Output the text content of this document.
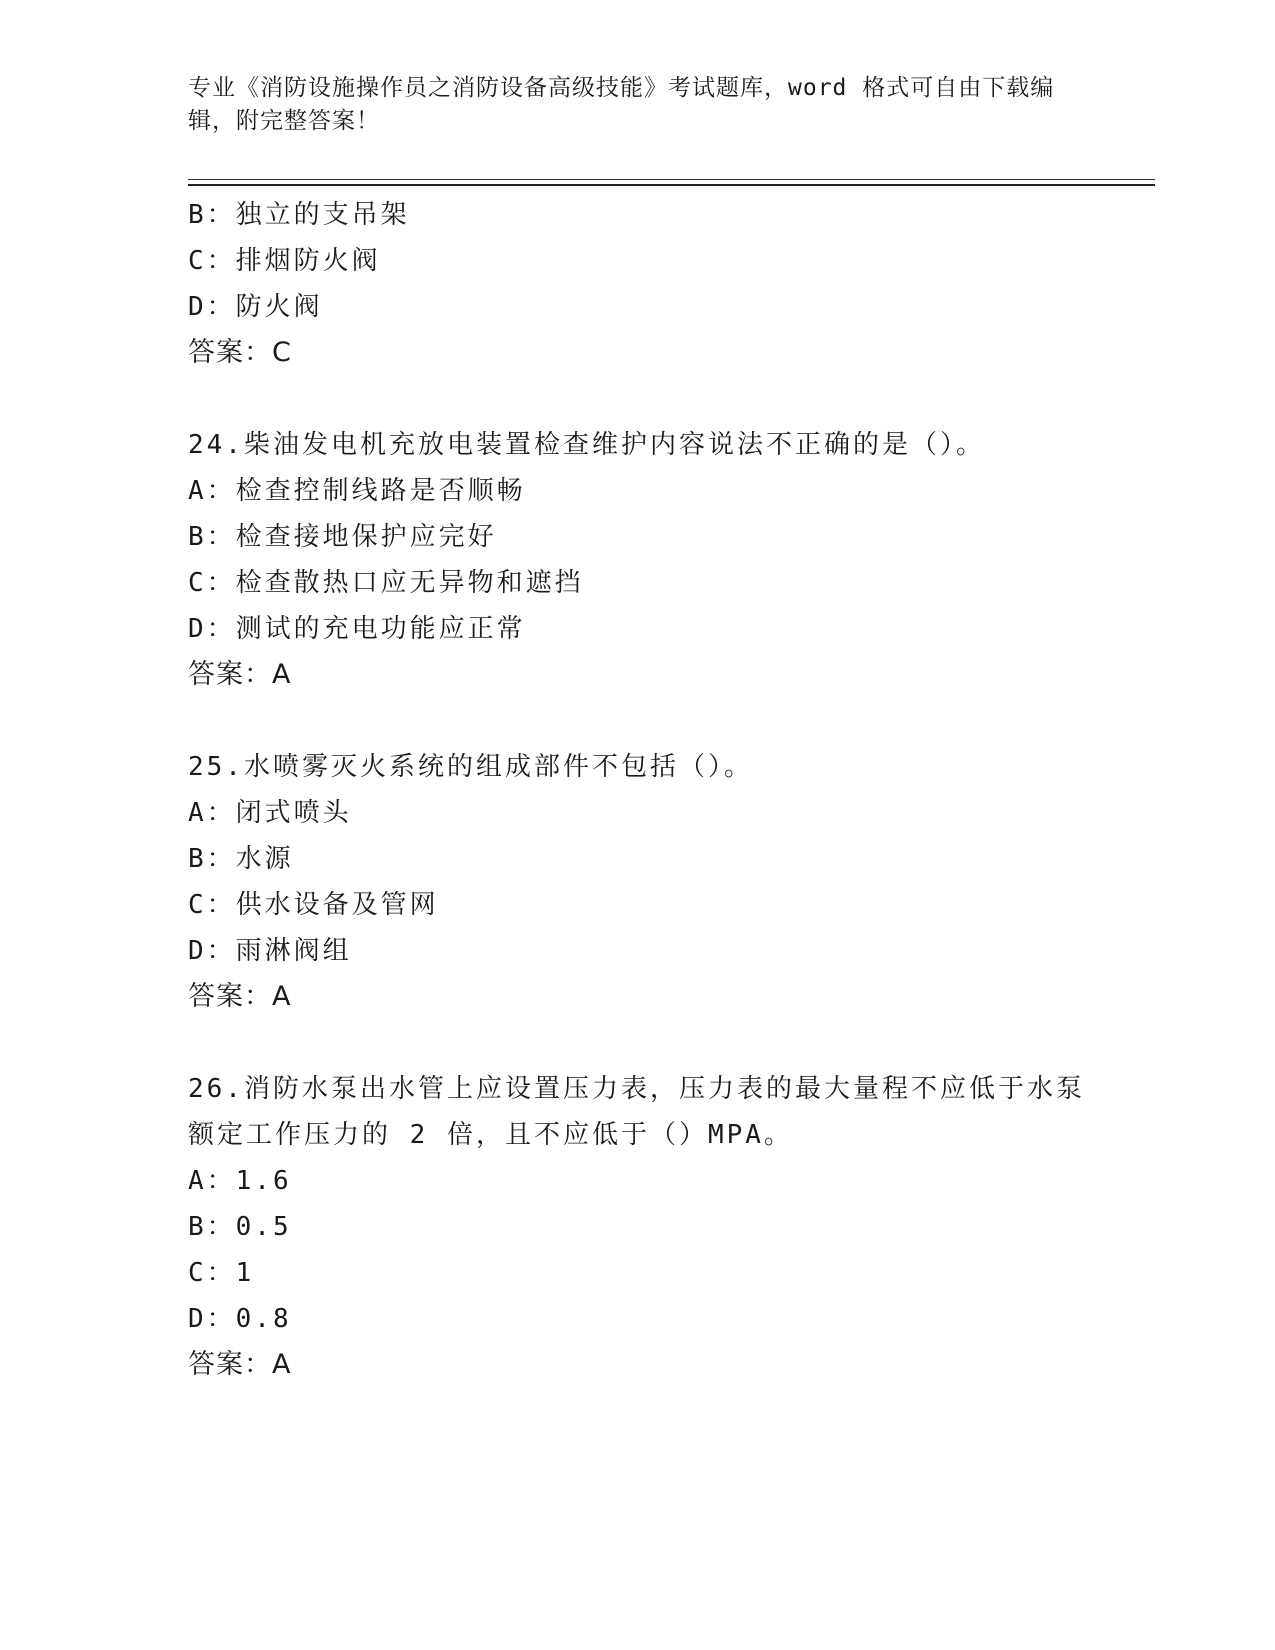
专业《消防设施操作员之消防设备高级技能》考试题库，word 格式可自由下载编辑，附完整答案！
B：独立的支吊架
C：排烟防火阀
D：防火阀
答案：C
24.柴油发电机充放电装置检查维护内容说法不正确的是（）。
A：检查控制线路是否顺畅
B：检查接地保护应完好
C：检查散热口应无异物和遮挡
D：测试的充电功能应正常
答案：A
25.水喷雾灭火系统的组成部件不包括（）。
A：闭式喷头
B：水源
C：供水设备及管网
D：雨淋阀组
答案：A
26.消防水泵出水管上应设置压力表，压力表的最大量程不应低于水泵额定工作压力的 2 倍，且不应低于（）MPA。
A：1.6
B：0.5
C：1
D：0.8
答案：A
